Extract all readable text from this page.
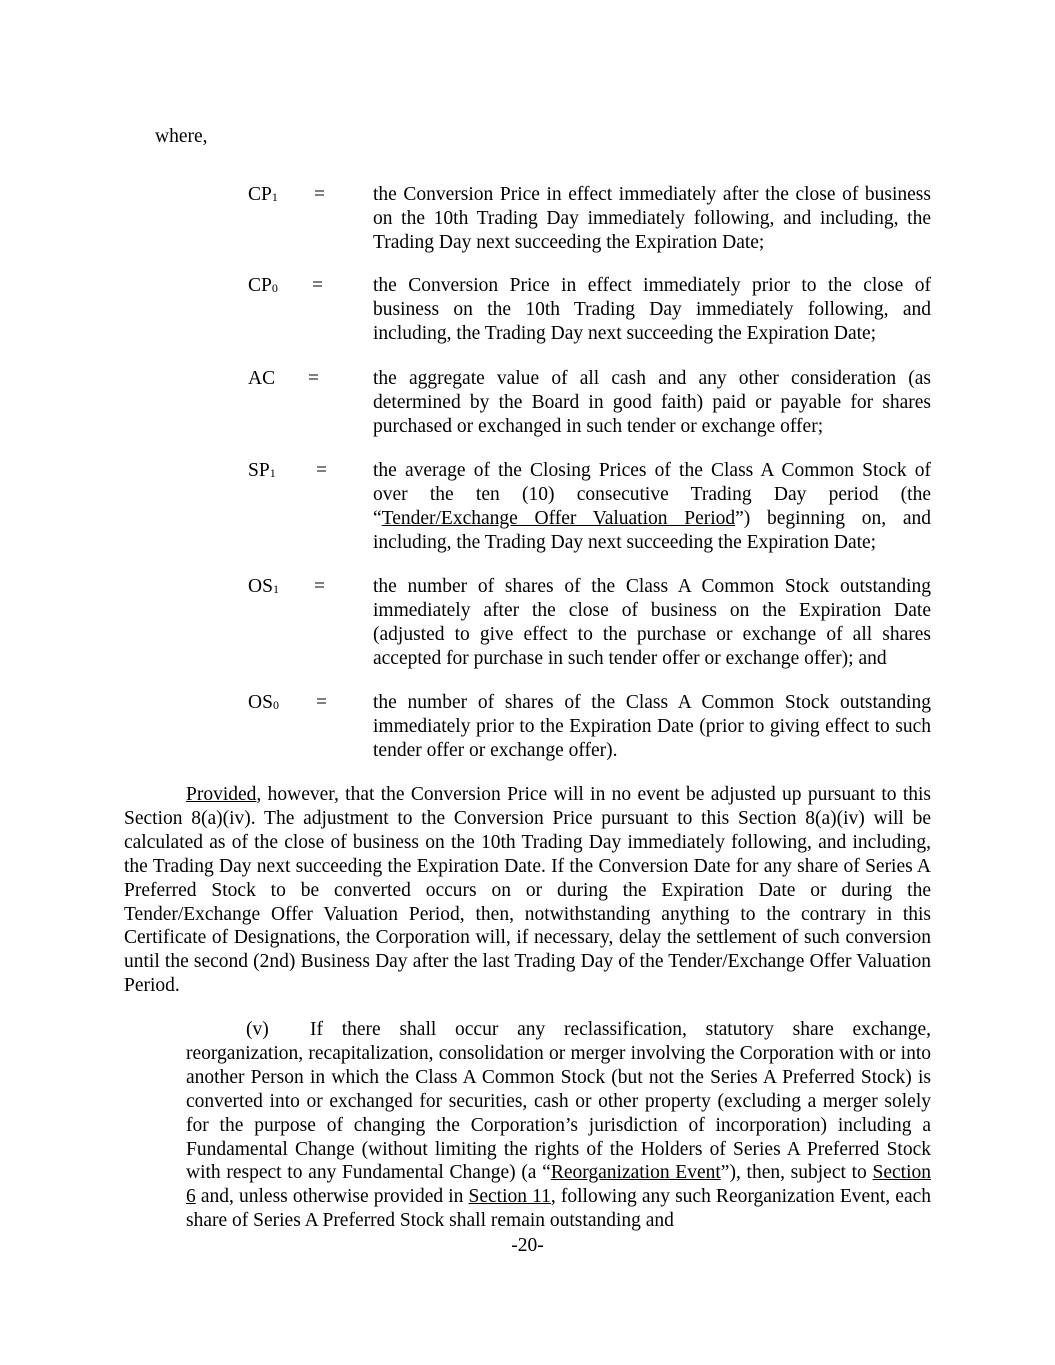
where,

$CP_1$ = the Conversion Price in effect immediately after the close of business on the 10th Trading Day immediately following, and including, the Trading Day next succeeding the Expiration Date;
$CP_0$ =	the Conversion Price in effect immediately prior to the close of business on the 10th Trading Day immediately following, and including, the Trading Day next succeeding the Expiration Date;
AC =	the aggregate value of all cash and any other consideration (as determined by the Board in good faith) paid or payable for shares purchased or exchanged in such tender or exchange offer;
$SP_1$ = the average of the Closing Prices of the Class A Common Stock of over the ten (10) consecutive Trading Day period (the “Tender/Exchange Offer Valuation Period”) beginning on, and including, the Trading Day next succeeding the Expiration Date;
$OS_1$ = the number of shares of the Class A Common Stock outstanding immediately after the close of business on the Expiration Date (adjusted to give effect to the purchase or exchange of all shares accepted for purchase in such tender offer or exchange offer); and
$OS_0$ = the number of shares of the Class A Common Stock outstanding immediately prior to the Expiration Date (prior to giving effect to such tender offer or exchange offer).

Provided, however, that the Conversion Price will in no event be adjusted up pursuant to this Section 8(a)(iv). The adjustment to the Conversion Price pursuant to this Section 8(a)(iv) will be calculated as of the close of business on the 10th Trading Day immediately following, and including, the Trading Day next succeeding the Expiration Date. If the Conversion Date for any share of Series A Preferred Stock to be converted occurs on or during the Expiration Date or during the Tender/Exchange Offer Valuation Period, then, notwithstanding anything to the contrary in this Certificate of Designations, the Corporation will, if necessary, delay the settlement of such conversion until the second (2nd) Business Day after the last Trading Day of the Tender/Exchange Offer Valuation Period.

(v) If there shall occur any reclassification, statutory share exchange, reorganization, recapitalization, consolidation or merger involving the Corporation with or into another Person in which the Class A Common Stock (but not the Series A Preferred Stock) is converted into or exchanged for securities, cash or other property (excluding a merger solely for the purpose of changing the Corporation’s jurisdiction of incorporation) including a Fundamental Change (without limiting the rights of the Holders of Series A Preferred Stock with respect to any Fundamental Change) (a “Reorganization Event”), then, subject to Section 6 and, unless otherwise provided in Section 11, following any such Reorganization Event, each share of Series A Preferred Stock shall remain outstanding and

-20-
